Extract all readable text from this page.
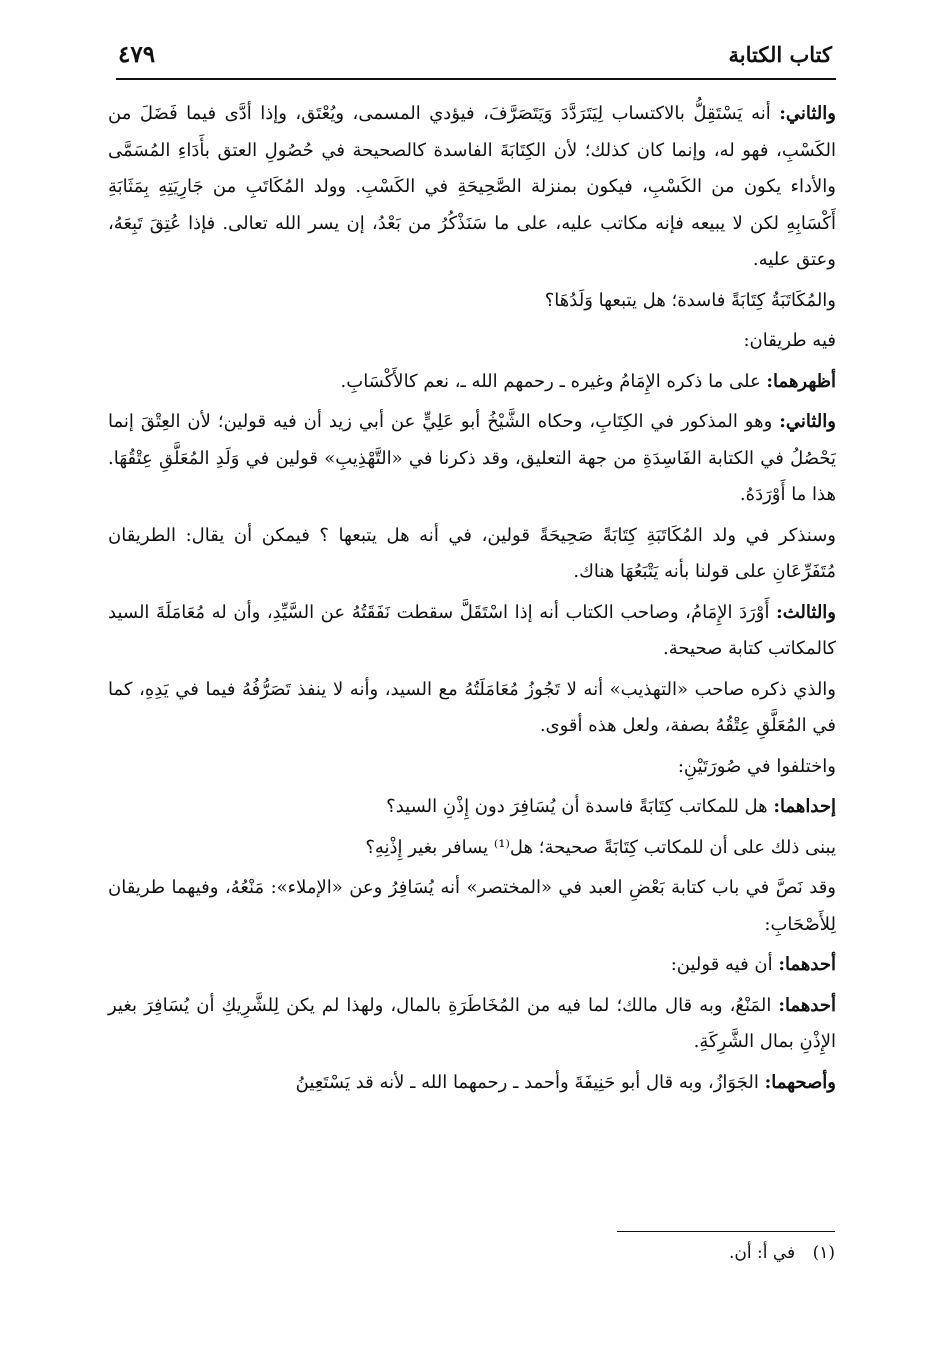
كتاب الكتابة
٤٧٩

والثاني: أنه يَسْتَقِلُّ بالاكتساب لِيَتَرَدَّدَ وَيَتَصَرَّفَ، فيؤدي المسمى، ويُعْتَق، وإذا أدَّى فيما فَضَلَ من الكَسْبِ، فهو له، وإنما كان كذلك؛ لأن الكِتَابَةَ الفاسدة كالصحيحة في حُصُولِ العتق بأَدَاءِ المُسَمَّى والأداء يكون من الكَسْبِ، فيكون بمنزلة الصَّحِيحَةِ في الكَسْبِ. وولد المُكَاتَبِ من جَارِيَتِهِ بِمَثَابَةِ أَكْسَابِهِ لكن لا يبيعه فإنه مكاتب عليه، على ما سَنَذْكُرُ من بَعْدُ، إن يسر الله تعالى. فإذا عُتِقَ تَبِعَهُ، وعتق عليه.

والمُكَاتَبَةُ كِتَابَةً فاسدة؛ هل يتبعها وَلَدُهَا؟

فيه طريقان:

أظهرهما: على ما ذكره الإِمَامُ وغيره ـ رحمهم الله ـ، نعم كالأَكْسَابِ.

والثاني: وهو المذكور في الكِتَابِ، وحكاه الشَّيْخُ أبو عَلِيٍّ عن أبي زيد أن فيه قولين؛ لأن العِتْقَ إنما يَحْصُلُ في الكتابة الفَاسِدَةِ من جهة التعليق، وقد ذكرنا في «التَّهْذِيبِ» قولين في وَلَدِ المُعَلَّقِ عِتْقُهَا. هذا ما أَوْرَدَهُ.

وسنذكر في ولد المُكَاتَبَةِ كِتَابَةً صَحِيحَةً قولين، في أنه هل يتبعها ؟ فيمكن أن يقال: الطريقان مُتَفَرِّعَانِ على قولنا بأنه يَتْبَعُهَا هناك.

والثالث: أَوْرَدَ الإِمَامُ، وصاحب الكتاب أنه إذا اسْتَقَلَّ سقطت نَفَقَتُهُ عن السَّيِّدِ، وأن له مُعَامَلَةَ السيد كالمكاتب كتابة صحيحة.

والذي ذكره صاحب «التهذيب» أنه لا تَجُوزُ مُعَامَلَتُهُ مع السيد، وأنه لا ينفذ تَصَرُّفُهُ فيما في يَدِهِ، كما في المُعَلَّقِ عِتْقُهُ بصفة، ولعل هذه أقوى.

واختلفوا في صُورَتَيْنِ:

إحداهما: هل للمكاتب كِتَابَةً فاسدة أن يُسَافِرَ دون إِذْنِ السيد؟

يبنى ذلك على أن للمكاتب كِتَابَةً صحيحة؛ هل⁽¹⁾ يسافر بغير إِذْنِهِ؟

وقد نَصَّ في باب كتابة بَعْضِ العبد في «المختصر» أنه يُسَافِرُ وعن «الإملاء»: مَنْعُهُ، وفيهما طريقان لِلأَصْحَابِ:

أحدهما: أن فيه قولين:

أحدهما: المَنْعُ، وبه قال مالك؛ لما فيه من المُخَاطَرَةِ بالمال، ولهذا لم يكن لِلشَّرِيكِ أن يُسَافِرَ بغير الإِذْنِ بمال الشَّرِكَةِ.

وأصحهما: الجَوَازُ، وبه قال أبو حَنِيفَةَ وأحمد ـ رحمهما الله ـ لأنه قد يَسْتَعِينُ

(١) في أ: أن.
